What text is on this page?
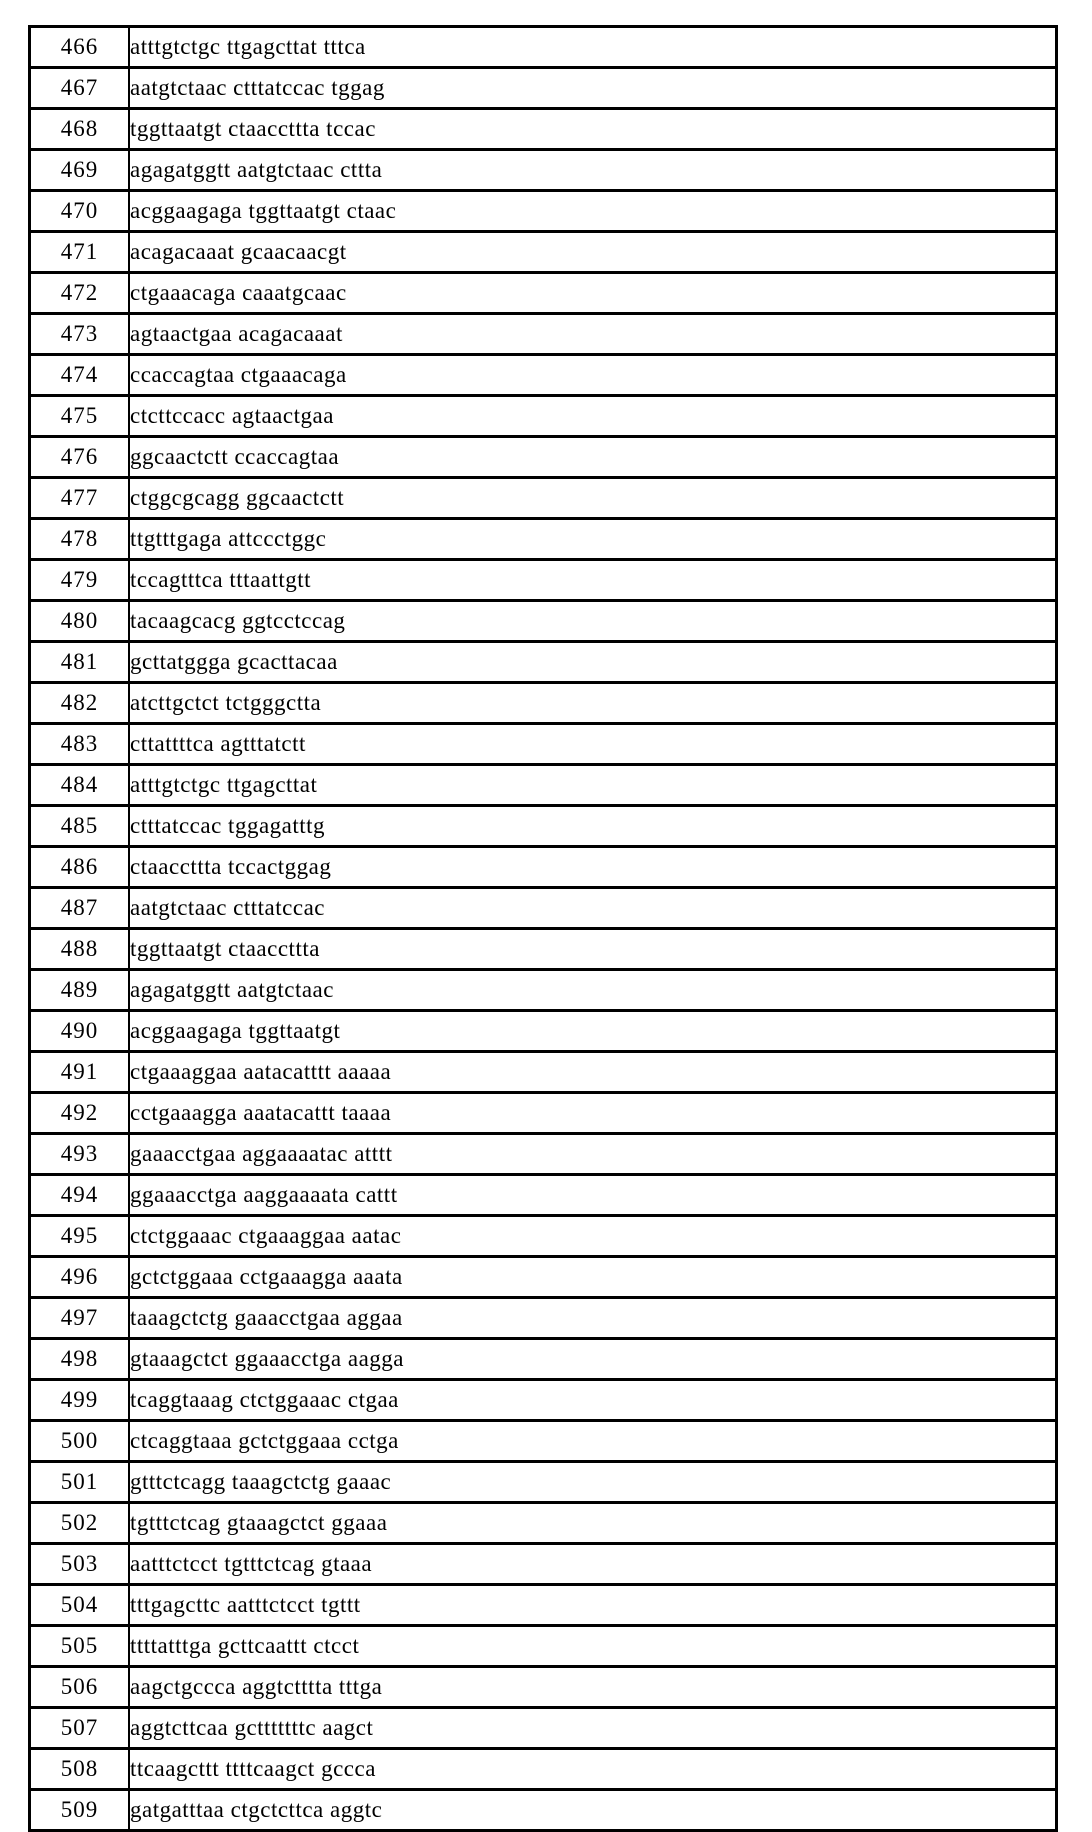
466	atttgtctgc ttgagcttat tttca
467	aatgtctaac ctttatccac tggag
468	tggttaatgt ctaaccttta tccac
469	agagatggtt aatgtctaac cttta
470	acggaagaga tggttaatgt ctaac
471	acagacaaat gcaacaacgt
472	ctgaaacaga caaatgcaac
473	agtaactgaa acagacaaat
474	ccaccagtaa ctgaaacaga
475	ctcttccacc agtaactgaa
476	ggcaactctt ccaccagtaa
477	ctggcgcagg ggcaactctt
478	ttgtttgaga attccctggc
479	tccagtttca tttaattgtt
480	tacaagcacg ggtcctccag
481	gcttatggga gcacttacaa
482	atcttgctct tctgggctta
483	cttattttca agtttatctt
484	atttgtctgc ttgagcttat
485	ctttatccac tggagatttg
486	ctaaccttta tccactggag
487	aatgtctaac ctttatccac
488	tggttaatgt ctaaccttta
489	agagatggtt aatgtctaac
490	acggaagaga tggttaatgt
491	ctgaaaggaa aatacatttt aaaaa
492	cctgaaagga aaatacattt taaaa
493	gaaacctgaa aggaaaatac atttt
494	ggaaacctga aaggaaaata cattt
495	ctctggaaac ctgaaaggaa aatac
496	gctctggaaa cctgaaagga aaata
497	taaagctctg gaaacctgaa aggaa
498	gtaaagctct ggaaacctga aagga
499	tcaggtaaag ctctggaaac ctgaa
500	ctcaggtaaa gctctggaaa cctga
501	gtttctcagg taaagctctg gaaac
502	tgtttctcag gtaaagctct ggaaa
503	aatttctcct tgtttctcag gtaaa
504	tttgagcttc aatttctcct tgttt
505	ttttatttga gcttcaattt ctcct
506	aagctgccca aggtctttta tttga
507	aggtcttcaa gctttttttc aagct
508	ttcaagcttt ttttcaagct gccca
509	gatgatttaa ctgctcttca aggtc
